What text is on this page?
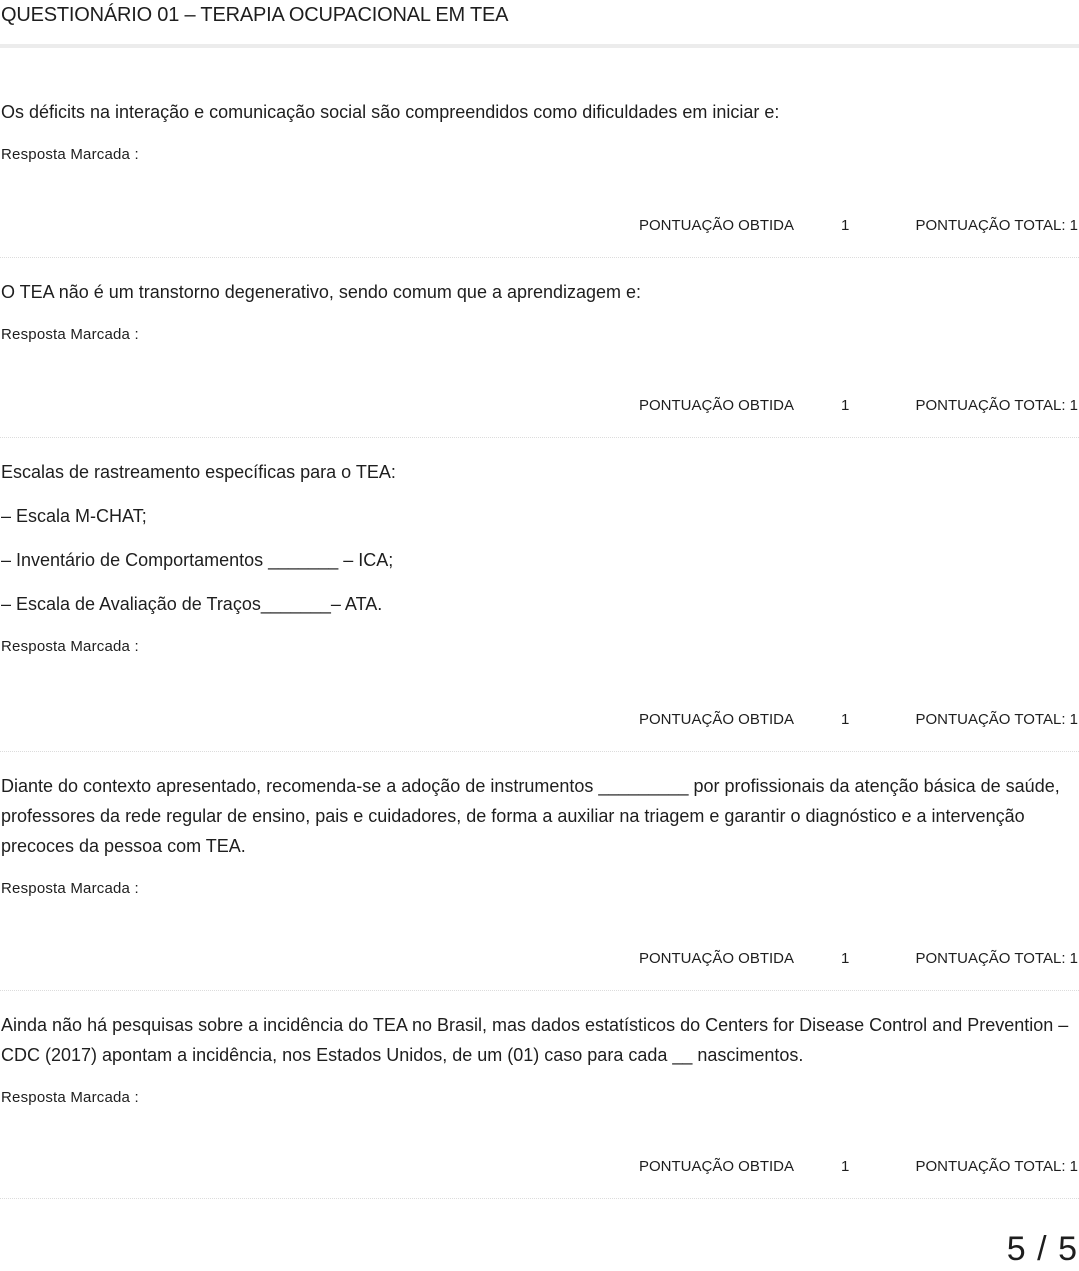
QUESTIONÁRIO 01 – TERAPIA OCUPACIONAL EM TEA

Os déficits na interação e comunicação social são compreendidos como dificuldades em iniciar e:

Resposta Marcada :
PONTUAÇÃO OBTIDA	1	PONTUAÇÃO TOTAL: 1

O TEA não é um transtorno degenerativo, sendo comum que a aprendizagem e:

Resposta Marcada :
PONTUAÇÃO OBTIDA	1	PONTUAÇÃO TOTAL: 1

Escalas de rastreamento específicas para o TEA:

– Escala M-CHAT;

– Inventário de Comportamentos _______ – ICA;

– Escala de Avaliação de Traços_______– ATA.

Resposta Marcada :
PONTUAÇÃO OBTIDA	1	PONTUAÇÃO TOTAL: 1

Diante do contexto apresentado, recomenda-se a adoção de instrumentos _________ por profissionais da atenção básica de saúde, professores da rede regular de ensino, pais e cuidadores, de forma a auxiliar na triagem e garantir o diagnóstico e a intervenção precoces da pessoa com TEA.

Resposta Marcada :
PONTUAÇÃO OBTIDA	1	PONTUAÇÃO TOTAL: 1

Ainda não há pesquisas sobre a incidência do TEA no Brasil, mas dados estatísticos do Centers for Disease Control and Prevention – CDC (2017) apontam a incidência, nos Estados Unidos, de um (01) caso para cada __ nascimentos.

Resposta Marcada :
PONTUAÇÃO OBTIDA	1	PONTUAÇÃO TOTAL: 1
5 / 5
